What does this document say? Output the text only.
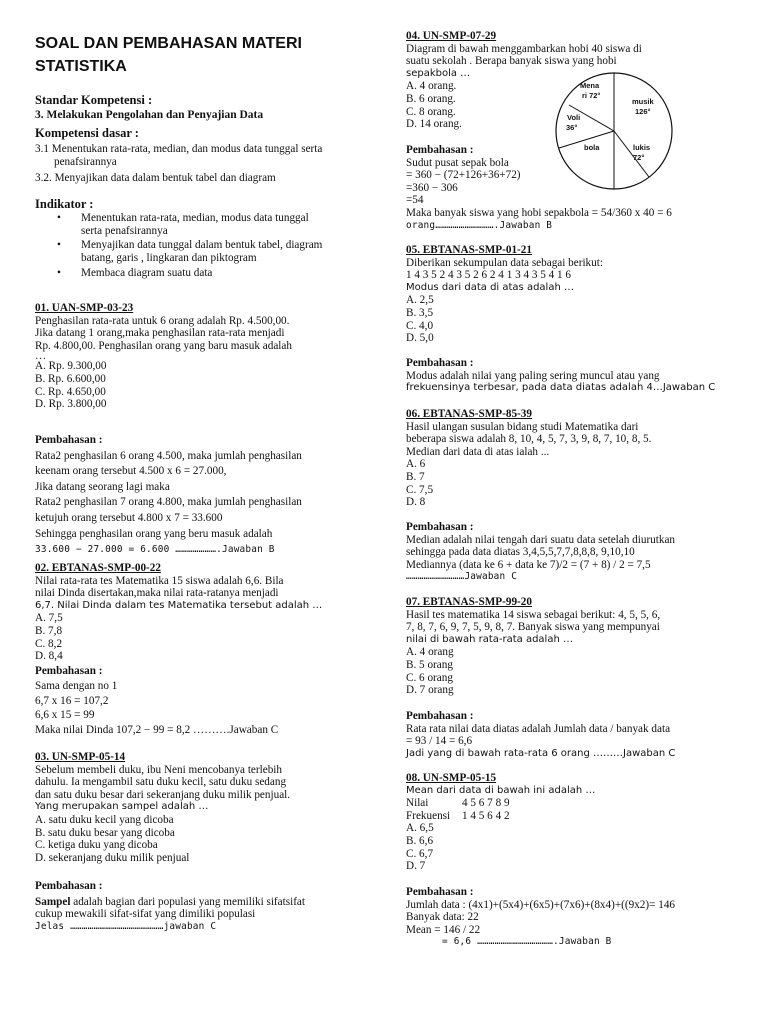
SOAL DAN PEMBAHASAN MATERI
STATISTIKA
Standar Kompetensi :
3. Melakukan Pengolahan dan Penyajian Data
Kompetensi dasar :
3.1 Menentukan rata-rata, median, dan modus data tunggal serta
penafsirannya
3.2. Menyajikan data dalam bentuk tabel dan diagram
Indikator :
• Menentukan rata-rata, median, modus data tunggal
serta penafsirannya
• Menyajikan data tunggal dalam bentuk tabel, diagram
batang, garis , lingkaran dan piktogram
• Membaca diagram suatu data
01. UAN-SMP-03-23
Penghasilan rata-rata untuk 6 orang adalah Rp. 4.500,00.
Jika datang 1 orang,maka penghasilan rata-rata menjadi
Rp. 4.800,00. Penghasilan orang yang baru masuk adalah
…
A. Rp. 9.300,00
B. Rp. 6.600,00
C. Rp. 4.650,00
D. Rp. 3.800,00
Pembahasan :
Rata2 penghasilan 6 orang 4.500, maka jumlah penghasilan
keenam orang tersebut 4.500 x 6 = 27.000,
Jika datang seorang lagi maka
Rata2 penghasilan 7 orang 4.800, maka jumlah penghasilan
ketujuh orang tersebut 4.800 x 7 = 33.600
Sehingga penghasilan orang yang beru masuk adalah
33.600 − 27.000 = 6.600 ………………….Jawaban B
02. EBTANAS-SMP-00-22
Nilai rata-rata tes Matematika 15 siswa adalah 6,6. Bila
nilai Dinda disertakan,maka nilai rata-ratanya menjadi
6,7. Nilai Dinda dalam tes Matematika tersebut adalah …
A. 7,5
B. 7,8
C. 8,2
D. 8,4
Pembahasan :
Sama dengan no 1
6,7 x 16 = 107,2
6,6 x 15 = 99
Maka nilai Dinda 107,2 − 99 = 8,2 ……….Jawaban C
03. UN-SMP-05-14
Sebelum membeli duku, ibu Neni mencobanya terlebih
dahulu. Ia mengambil satu duku kecil, satu duku sedang
dan satu duku besar dari sekeranjang duku milik penjual.
Yang merupakan sampel adalah …
A. satu duku kecil yang dicoba
B. satu duku besar yang dicoba
C. ketiga duku yang dicoba
D. sekeranjang duku milik penjual
Pembahasan :
Sampel adalah bagian dari populasi yang memiliki sifatsifat
cukup mewakili sifat-sifat yang dimiliki populasi
Jelas …………………………………………jawaban C
04. UN-SMP-07-29
Diagram di bawah menggambarkan hobi 40 siswa di
suatu sekolah . Berapa banyak siswa yang hobi
sepakbola …
A. 4 orang.
B. 6 orang.
C. 8 orang.
D. 14 orang.
Mena ri 72°
musik 126°
Voli 36°
bola	lukis 72°
Pembahasan :
Sudut pusat sepak bola
= 360 − (72+126+36+72)
=360 − 306
=54
Maka banyak siswa yang hobi sepakbola = 54/360 x 40 = 6
orang………………………….Jawaban B
05. EBTANAS-SMP-01-21
Diberikan sekumpulan data sebagai berikut:
1 4 3 5 2 4 3 5 2 6 2 4 1 3 4 3 5 4 1 6
Modus dari data di atas adalah …
A. 2,5
B. 3,5
C. 4,0
D. 5,0
Pembahasan :
Modus adalah nilai yang paling sering muncul atau yang
frekuensinya terbesar, pada data diatas adalah 4…Jawaban C
06. EBTANAS-SMP-85-39
Hasil ulangan susulan bidang studi Matematika dari
beberapa siswa adalah 8, 10, 4, 5, 7, 3, 9, 8, 7, 10, 8, 5.
Median dari data di atas ialah ...
A. 6
B. 7
C. 7,5
D. 8
Pembahasan :
Median adalah nilai tengah dari suatu data setelah diurutkan
sehingga pada data diatas 3,4,5,5,7,7,8,8,8, 9,10,10
Mediannya (data ke 6 + data ke 7)/2 = (7 + 8) / 2 = 7,5
…………………………Jawaban C
07. EBTANAS-SMP-99-20
Hasil tes matematika 14 siswa sebagai berikut: 4, 5, 5, 6,
7, 8, 7, 6, 9, 7, 5, 9, 8, 7. Banyak siswa yang mempunyai
nilai di bawah rata-rata adalah …
A. 4 orang
B. 5 orang
C. 6 orang
D. 7 orang
Pembahasan :
Rata rata nilai data diatas adalah Jumlah data / banyak data
= 93 / 14 = 6,6
Jadi yang di bawah rata-rata 6 orang ………Jawaban C
08. UN-SMP-05-15
Mean dari data di bawah ini adalah …
Nilai	4 5 6 7 8 9
Frekuensi 1 4 5 6 4 2
A. 6,5
B. 6,6
C. 6,7
D. 7
Pembahasan :
Jumlah data : (4x1)+(5x4)+(6x5)+(7x6)+(8x4)+((9x2)= 146
Banyak data: 22
Mean = 146 / 22
= 6,6 ………………………………….Jawaban B
